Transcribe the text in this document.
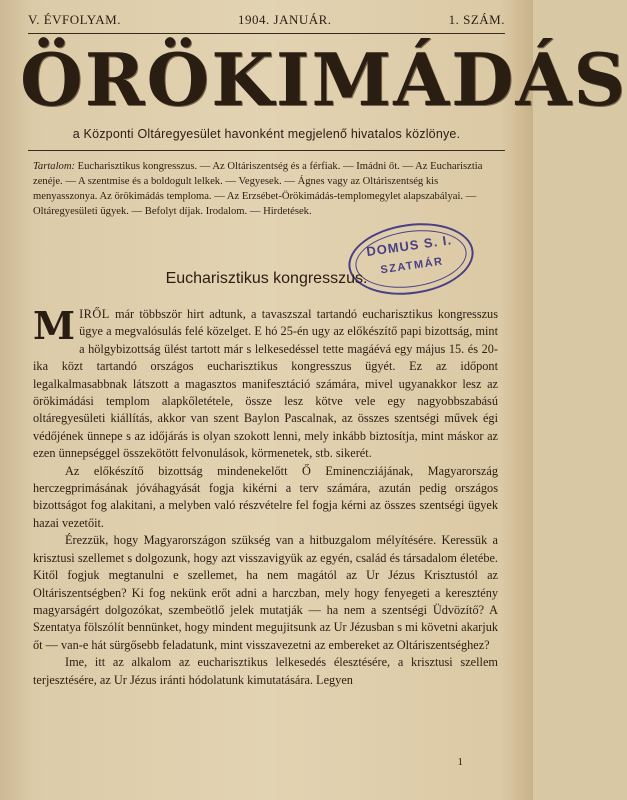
V. ÉVFOLYAM.	1904. JANUÁR.	1. SZÁM.
ÖRÖKIMÁDÁS
a Központi Oltáregyesület havonként megjelenő hivatalos közlönye.
Tartalom: Eucharisztikus kongresszus. — Az Oltáriszentség és a férfiak. — Imádni őt. — Az Eucharisztia zenéje. — A szentmise és a boldogult lelkek. — Vegyesek. — Ágnes vagy az Oltáriszentség kis menyasszonya. Az örökimádás temploma. — Az Erzsébet-Örökimádás-templomegylet alapszabályai. — Oltáregyesületi ügyek. — Befolyt díjak. Irodalom. — Hirdetések.
DOMUS S. I.
SZATMÁR
Eucharisztikus kongresszus.

MIRŐL már többször hirt adtunk, a tavaszszal tartandó eucharisztikus kongresszus ügye a megvalósulás felé közelget. E hó 25-én ugy az előkészítő papi bizottság, mint a hölgybizottság ülést tartott már s lelkesedéssel tette magáévá egy május 15. és 20-ika közt tartandó országos eucharisztikus kongresszus ügyét. Ez az időpont legalkalmasabbnak látszott a magasztos manifesztáció számára, mivel ugyanakkor lesz az örökimádási templom alapkőletétele, össze lesz kötve vele egy nagyobbszabású oltáregyesületi kiállítás, akkor van szent Baylon Pascalnak, az összes szentségi művek égi védőjének ünnepe s az időjárás is olyan szokott lenni, mely inkább biztosítja, mint máskor az ezen ünnepséggel összekötött felvonulások, körmenetek, stb. sikerét.

Az előkészítő bizottság mindenekelőtt Ő Eminencziájának, Magyarország herczegprimásának jóváhagyását fogja kikérni a terv számára, azután pedig országos bizottságot fog alakitani, a melyben való részvételre fel fogja kérni az összes szentségi ügyek hazai vezetőit.

Érezzük, hogy Magyarországon szükség van a hitbuzgalom mélyítésére. Keressük a krisztusi szellemet s dolgozunk, hogy azt visszavigyük az egyén, család és társadalom életébe. Kitől fogjuk megtanulni e szellemet, ha nem magától az Ur Jézus Krisztustól az Oltáriszentségben? Ki fog nekünk erőt adni a harczban, mely hogy fenyegeti a keresztény magyarságért dolgozókat, szembeötlő jelek mutatják — ha nem a szentségi Üdvözítő? A Szentatya fölszólít bennünket, hogy mindent megujitsunk az Ur Jézusban s mi követni akarjuk őt — van-e hát sürgősebb feladatunk, mint visszavezetni az embereket az Oltáriszentséghez?

Ime, itt az alkalom az eucharisztikus lelkesedés élesztésére, a krisztusi szellem terjesztésére, az Ur Jézus iránti hódolatunk kimutatására. Legyen

1
